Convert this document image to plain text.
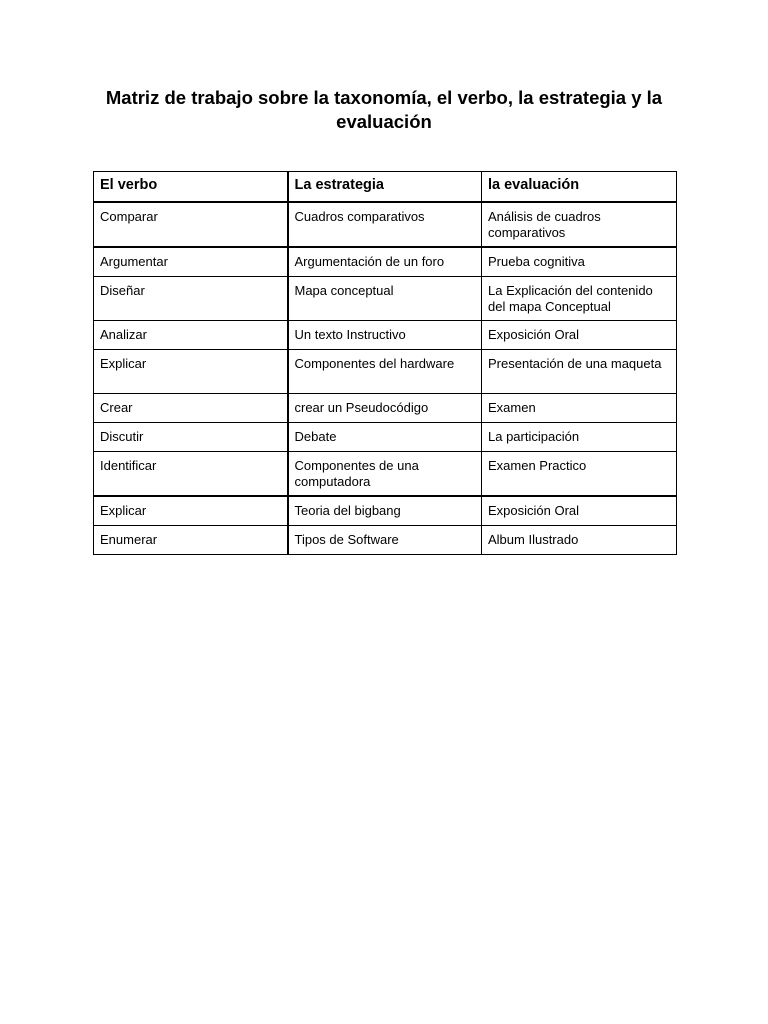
Matriz de trabajo sobre la taxonomía, el verbo, la estrategia y la evaluación
El verbo	La estrategia	la evaluación
Comparar	Cuadros comparativos	Análisis de cuadros comparativos
Argumentar	Argumentación de un foro	Prueba cognitiva
Diseñar	Mapa conceptual	La Explicación del contenido del mapa Conceptual
Analizar	Un texto Instructivo	Exposición Oral
Explicar	Componentes del hardware	Presentación de una maqueta
Crear	crear un Pseudocódigo	Examen
Discutir	Debate	La participación
Identificar	Componentes de una computadora	Examen Practico
Explicar	Teoria del bigbang	Exposición Oral
Enumerar	Tipos de Software	Album Ilustrado
